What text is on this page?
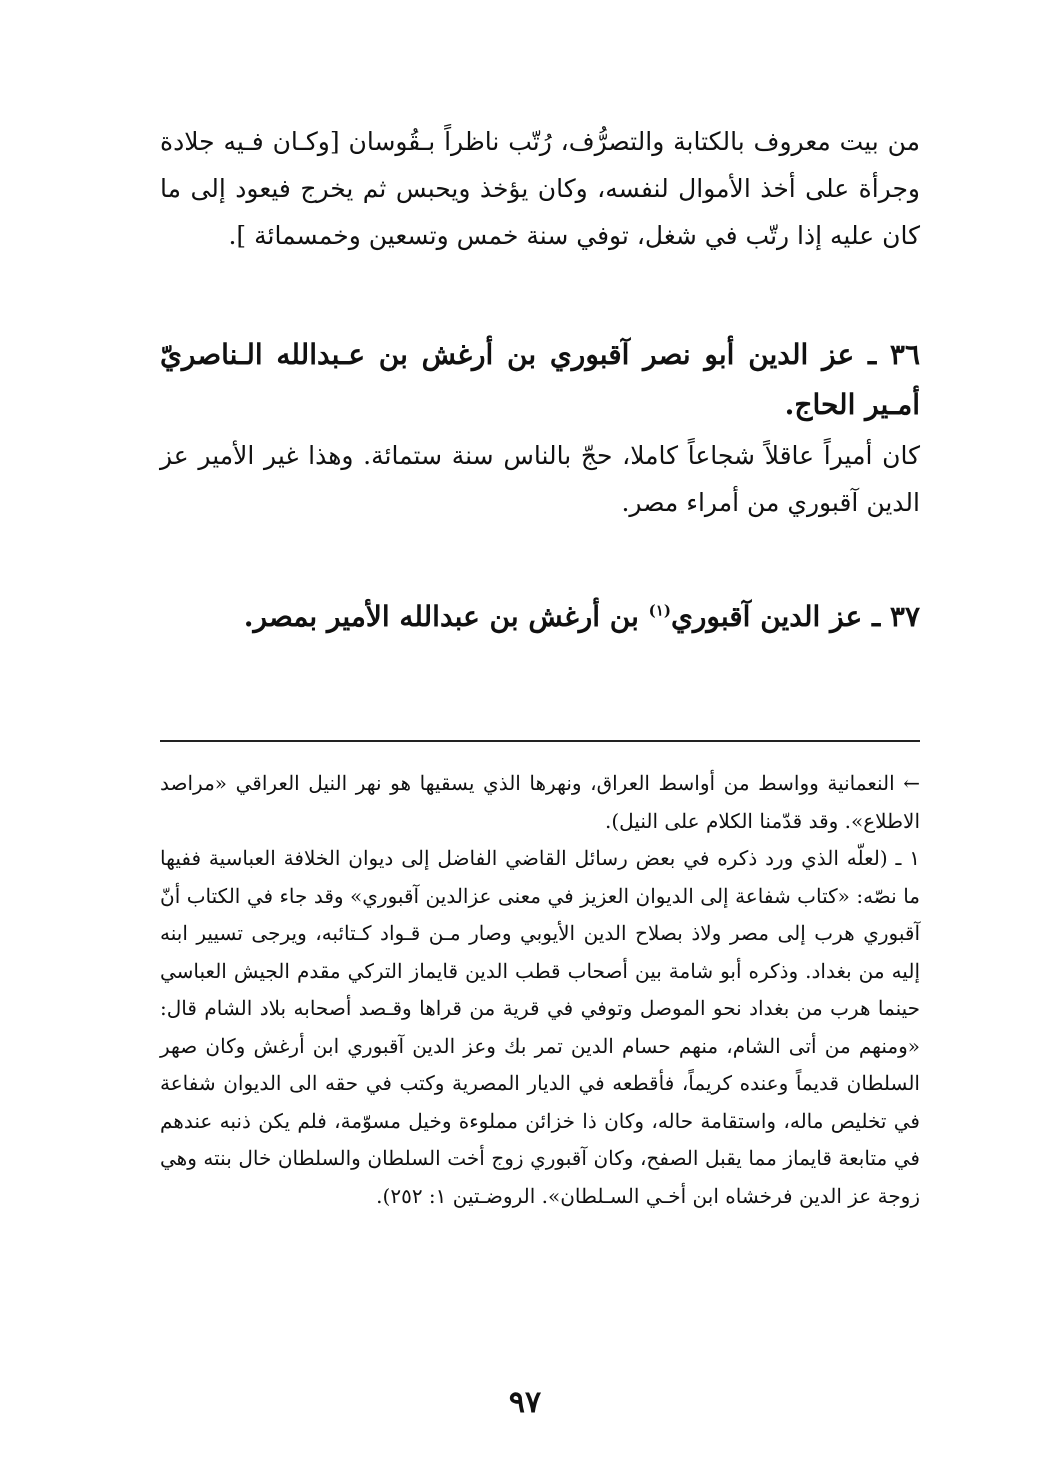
من بيت معروف بالكتابة والتصرُّف، رُتّب ناظراً بـقُوسان [وكـان فـيه جلادة وجرأة على أخذ الأموال لنفسه، وكان يؤخذ ويحبس ثم يخرج فيعود إلى ما كان عليه إذا رتّب في شغل، توفي سنة خمس وتسعين وخمسمائة ].

٣٦ ـ عز الدين أبو نصر آقبوري بن أرغش بن عـبدالله الـناصريّ أمـير الحاج.

كان أميراً عاقلاً شجاعاً كاملا، حجّ بالناس سنة ستمائة. وهذا غير الأمير عز الدين آقبوري من أمراء مصر.

٣٧ ـ عز الدين آقبوري$^{(١)}$ بن أرغش بن عبدالله الأمير بمصر.

← النعمانية وواسط من أواسط العراق، ونهرها الذي يسقيها هو نهر النيل العراقي «مراصد الاطلاع». وقد قدّمنا الكلام على النيل).

١ ـ (لعلّه الذي ورد ذكره في بعض رسائل القاضي الفاضل إلى ديوان الخلافة العباسية ففيها ما نصّه: «كتاب شفاعة إلى الديوان العزيز في معنى عزالدين آقبوري» وقد جاء في الكتاب أنّ آقبوري هرب إلى مصر ولاذ بصلاح الدين الأيوبي وصار مـن قـواد كـتائبه، ويرجى تسيير ابنه إليه من بغداد. وذكره أبو شامة بين أصحاب قطب الدين قايماز التركي مقدم الجيش العباسي حينما هرب من بغداد نحو الموصل وتوفي في قرية من قراها وقـصد أصحابه بلاد الشام قال: «ومنهم من أتى الشام، منهم حسام الدين تمر بك وعز الدين آقبوري ابن أرغش وكان صهر السلطان قديماً وعنده كريماً، فأقطعه في الديار المصرية وكتب في حقه الى الديوان شفاعة في تخليص ماله، واستقامة حاله، وكان ذا خزائن مملوءة وخيل مسوّمة، فلم يكن ذنبه عندهم في متابعة قايماز مما يقبل الصفح، وكان آقبوري زوج أخت السلطان والسلطان خال بنته وهي زوجة عز الدين فرخشاه ابن أخـي السـلطان». الروضـتين ١: ٢٥٢).

٩٧
